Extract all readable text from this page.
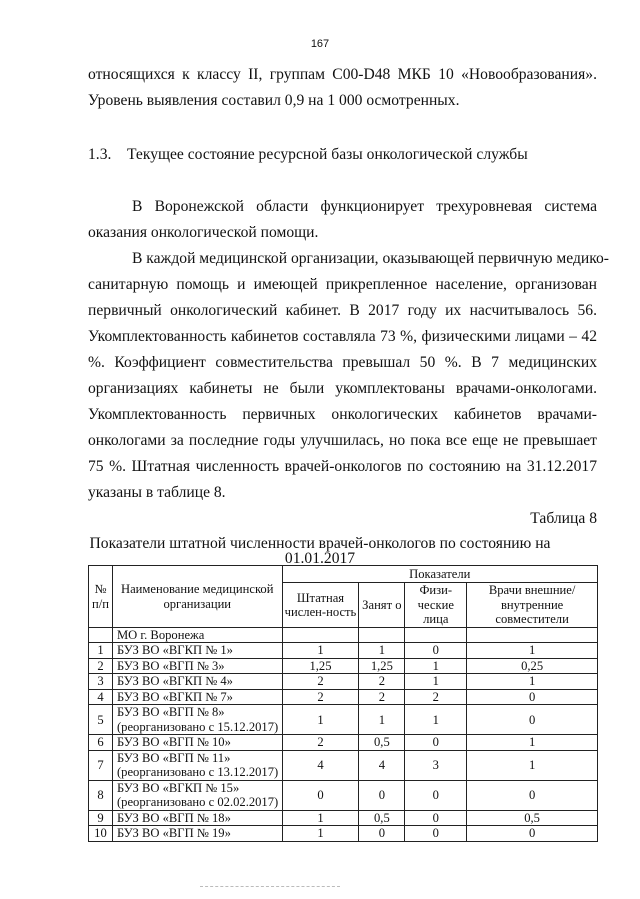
167
относящихся к классу II, группам C00-D48 МКБ 10 «Новообразования».
Уровень выявления составил 0,9 на 1 000 осмотренных.
1.3.    Текущее состояние ресурсной базы онкологической службы
В Воронежской области функционирует трехуровневая система
оказания онкологической помощи.
В каждой медицинской организации, оказывающей первичную медико-
санитарную помощь и имеющей прикрепленное население, организован
первичный онкологический кабинет. В 2017 году их насчитывалось 56.
Укомплектованность кабинетов составляла 73 %, физическими лицами – 42
%. Коэффициент совместительства превышал 50 %. В 7 медицинских
организациях кабинеты не были укомплектованы врачами-онкологами.
Укомплектованность первичных онкологических кабинетов врачами-
онкологами за последние годы улучшилась, но пока все еще не превышает
75 %. Штатная численность врачей-онкологов по состоянию на 31.12.2017
указаны в таблице 8.
Таблица 8
Показатели штатной численности врачей-онкологов по состоянию на
01.01.2017
№ п/п	Наименование медицинской организации	Показатели			
		Штатная числен-ность	Занят о	Физи-ческие лица	Врачи внешние/ внутренние совместители
	МО г. Воронежа				
1	БУЗ ВО «ВГКП № 1»	1	1	0	1
2	БУЗ ВО «ВГП № 3»	1,25	1,25	1	0,25
3	БУЗ ВО «ВГКП № 4»	2	2	1	1
4	БУЗ ВО «ВГКП № 7»	2	2	2	0
5	БУЗ ВО «ВГП № 8»
(реорганизовано с 15.12.2017)	1	1	1	0
6	БУЗ ВО «ВГП № 10»	2	0,5	0	1
7	БУЗ ВО «ВГП № 11»
(реорганизовано с 13.12.2017)	4	4	3	1
8	БУЗ ВО «ВГКП № 15»
(реорганизовано с 02.02.2017)	0	0	0	0
9	БУЗ ВО «ВГП № 18»	1	0,5	0	0,5
10	БУЗ ВО «ВГП № 19»	1	0	0	0
